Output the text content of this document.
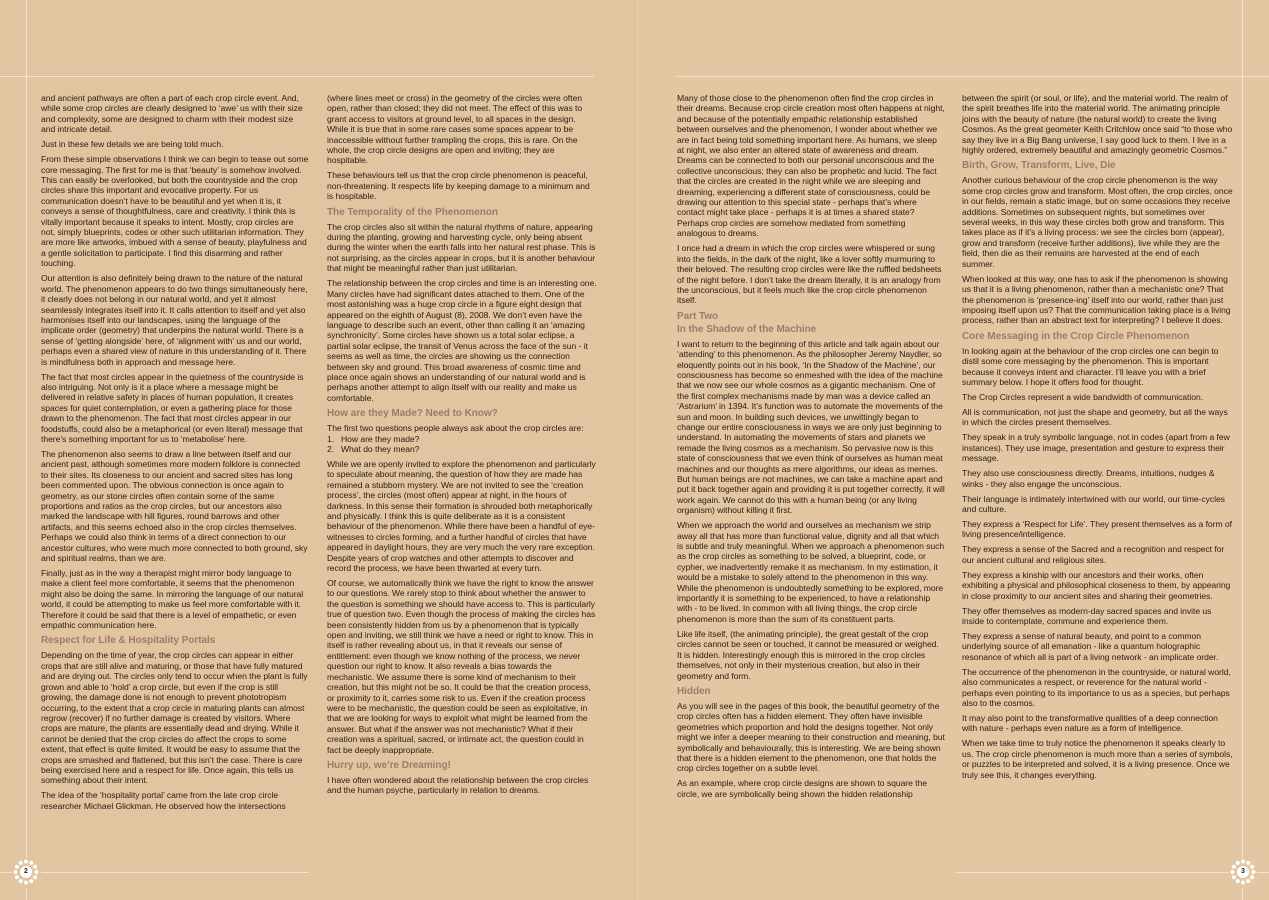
and ancient pathways are often a part of each crop circle event. And, while some crop circles are clearly designed to ‘awe’ us with their size and complexity, some are designed to charm with their modest size and intricate detail.

Just in these few details we are being told much.

From these simple observations I think we can begin to tease out some core messaging. The first for me is that ‘beauty’ is somehow involved. This can easily be overlooked, but both the countryside and the crop circles share this important and evocative property. For us communication doesn’t have to be beautiful and yet when it is, it conveys a sense of thoughtfulness, care and creativity. I think this is vitally important because it speaks to intent. Mostly, crop circles are not, simply blueprints, codes or other such utilitarian information. They are more like artworks, imbued with a sense of beauty, playfulness and a gentle solicitation to participate. I find this disarming and rather touching.

Our attention is also definitely being drawn to the nature of the natural world. The phenomenon appears to do two things simultaneously here, it clearly does not belong in our natural world, and yet it almost seamlessly integrates itself into it. It calls attention to itself and yet also harmonises itself into our landscapes, using the language of the implicate order (geometry) that underpins the natural world. There is a sense of ‘getting alongside’ here, of ‘alignment with’ us and our world, perhaps even a shared view of nature in this understanding of it. There is mindfulness both in approach and message here.

The fact that most circles appear in the quietness of the countryside is also intriguing. Not only is it a place where a message might be delivered in relative safety in places of human population, it creates spaces for quiet contemplation, or even a gathering place for those drawn to the phenomenon. The fact that most circles appear in our foodstuffs, could also be a metaphorical (or even literal) message that there’s something important for us to ‘metabolise’ here.

The phenomenon also seems to draw a line between itself and our ancient past, although sometimes more modern folklore is connected to their sites. Its closeness to our ancient and sacred sites has long been commented upon. The obvious connection is once again to geometry, as our stone circles often contain some of the same proportions and ratios as the crop circles, but our ancestors also marked the landscape with hill figures, round barrows and other artifacts, and this seems echoed also in the crop circles themselves. Perhaps we could also think in terms of a direct connection to our ancestor cultures, who were much more connected to both ground, sky and spiritual realms, than we are.

Finally, just as in the way a therapist might mirror body language to make a client feel more comfortable, it seems that the phenomenon might also be doing the same. In mirroring the language of our natural world, it could be attempting to make us feel more comfortable with it. Therefore it could be said that there is a level of empathetic, or even empathic communication here.

Respect for Life & Hospitality Portals

Depending on the time of year, the crop circles can appear in either crops that are still alive and maturing, or those that have fully matured and are drying out. The circles only tend to occur when the plant is fully grown and able to ‘hold’ a crop circle, but even if the crop is still growing, the damage done is not enough to prevent phototropism occurring, to the extent that a crop circle in maturing plants can almost regrow (recover) if no further damage is created by visitors. Where crops are mature, the plants are essentially dead and drying. While it cannot be denied that the crop circles do affect the crops to some extent, that effect is quite limited. It would be easy to assume that the crops are smashed and flattened, but this isn’t the case. There is care being exercised here and a respect for life. Once again, this tells us something about their intent.

The idea of the ‘hospitality portal’ came from the late crop circle researcher Michael Glickman. He observed how the intersections

(where lines meet or cross) in the geometry of the circles were often open, rather than closed; they did not meet. The effect of this was to grant access to visitors at ground level, to all spaces in the design. While it is true that in some rare cases some spaces appear to be inaccessible without further trampling the crops, this is rare. On the whole, the crop circle designs are open and inviting; they are hospitable.

These behaviours tell us that the crop circle phenomenon is peaceful, non-threatening. It respects life by keeping damage to a minimum and is hospitable.

The Temporality of the Phenomenon

The crop circles also sit within the natural rhythms of nature, appearing during the planting, growing and harvesting cycle, only being absent during the winter when the earth falls into her natural rest phase. This is not surprising, as the circles appear in crops, but it is another behaviour that might be meaningful rather than just utilitarian.

The relationship between the crop circles and time is an interesting one. Many circles have had significant dates attached to them. One of the most astonishing was a huge crop circle in a figure eight design that appeared on the eighth of August (8), 2008. We don’t even have the language to describe such an event, other than calling it an ‘amazing synchronicity’. Some circles have shown us a total solar eclipse, a partial solar eclipse, the transit of Venus across the face of the sun - it seems as well as time, the circles are showing us the connection between sky and ground. This broad awareness of cosmic time and place once again shows an understanding of our natural world and is perhaps another attempt to align itself with our reality and make us comfortable.

How are they Made? Need to Know?

The first two questions people always ask about the crop circles are:

1. How are they made?
2. What do they mean?

While we are openly invited to explore the phenomenon and particularly to speculate about meaning, the question of how they are made has remained a stubborn mystery. We are not invited to see the ‘creation process’, the circles (most often) appear at night, in the hours of darkness. In this sense their formation is shrouded both metaphorically and physically. I think this is quite deliberate as it is a consistent behaviour of the phenomenon. While there have been a handful of eye-witnesses to circles forming, and a further handful of circles that have appeared in daylight hours, they are very much the very rare exception. Despite years of crop watches and other attempts to discover and record the process, we have been thwarted at every turn.

Of course, we automatically think we have the right to know the answer to our questions. We rarely stop to think about whether the answer to the question is something we should have access to. This is particularly true of question two. Even though the process of making the circles has been consistently hidden from us by a phenomenon that is typically open and inviting, we still think we have a need or right to know. This in itself is rather revealing about us, in that it reveals our sense of entitlement: even though we know nothing of the process, we never question our right to know. It also reveals a bias towards the mechanistic. We assume there is some kind of mechanism to their creation, but this might not be so. It could be that the creation process, or proximity to it, carries some risk to us. Even if the creation process were to be mechanistic, the question could be seen as exploitative, in that we are looking for ways to exploit what might be learned from the answer. But what if the answer was not mechanistic? What if their creation was a spiritual, sacred, or intimate act, the question could in fact be deeply inappropriate.

Hurry up, we’re Dreaming!

I have often wondered about the relationship between the crop circles and the human psyche, particularly in relation to dreams.

Many of those close to the phenomenon often find the crop circles in their dreams. Because crop circle creation most often happens at night, and because of the potentially empathic relationship established between ourselves and the phenomenon, I wonder about whether we are in fact being told something important here. As humans, we sleep at night, we also enter an altered state of awareness and dream. Dreams can be connected to both our personal unconscious and the collective unconscious; they can also be prophetic and lucid. The fact that the circles are created in the night while we are sleeping and dreaming, experiencing a different state of consciousness, could be drawing our attention to this special state - perhaps that’s where contact might take place - perhaps it is at times a shared state? Perhaps crop circles are somehow mediated from something analogous to dreams.

I once had a dream in which the crop circles were whispered or sung into the fields, in the dark of the night, like a lover softly murmuring to their beloved. The resulting crop circles were like the ruffled bedsheets of the night before. I don’t take the dream literally, it is an analogy from the unconscious, but it feels much like the crop circle phenomenon itself.

Part Two
In the Shadow of the Machine

I want to return to the beginning of this article and talk again about our ‘attending’ to this phenomenon. As the philosopher Jeremy Naydler, so eloquently points out in his book, ‘In the Shadow of the Machine’, our consciousness has become so enmeshed with the idea of the machine that we now see our whole cosmos as a gigantic mechanism. One of the first complex mechanisms made by man was a device called an ‘Astrarium’ in 1394. It’s function was to automate the movements of the sun and moon. In building such devices, we unwittingly began to change our entire consciousness in ways we are only just beginning to understand. In automating the movements of stars and planets we remade the living cosmos as a mechanism. So pervasive now is this state of consciousness that we even think of ourselves as human meat machines and our thoughts as mere algorithms, our ideas as memes. But human beings are not machines, we can take a machine apart and put it back together again and providing it is put together correctly, it will work again. We cannot do this with a human being (or any living organism) without killing it first.

When we approach the world and ourselves as mechanism we strip away all that has more than functional value, dignity and all that which is subtle and truly meaningful. When we approach a phenomenon such as the crop circles as something to be solved, a blueprint, code, or cypher, we inadvertently remake it as mechanism. In my estimation, it would be a mistake to solely attend to the phenomenon in this way. While the phenomenon is undoubtedly something to be explored, more importantly it is something to be experienced, to have a relationship with - to be lived. In common with all living things, the crop circle phenomenon is more than the sum of its constituent parts.

Like life itself, (the animating principle), the great gestalt of the crop circles cannot be seen or touched, it cannot be measured or weighed. It is hidden. Interestingly enough this is mirrored in the crop circles themselves, not only in their mysterious creation, but also in their geometry and form.

Hidden

As you will see in the pages of this book, the beautiful geometry of the crop circles often has a hidden element. They often have invisible geometries which proportion and hold the designs together. Not only might we infer a deeper meaning to their construction and meaning, but symbolically and behaviourally, this is interesting. We are being shown that there is a hidden element to the phenomenon, one that holds the crop circles together on a subtle level.

As an example, where crop circle designs are shown to square the circle, we are symbolically being shown the hidden relationship

between the spirit (or soul, or life), and the material world. The realm of the spirit breathes life into the material world. The animating principle joins with the beauty of nature (the natural world) to create the living Cosmos. As the great geometer Keith Critchlow once said “to those who say they live in a Big Bang universe, I say good luck to them. I live in a highly ordered, extremely beautiful and amazingly geometric Cosmos.”

Birth, Grow, Transform, Live, Die

Another curious behaviour of the crop circle phenomenon is the way some crop circles grow and transform. Most often, the crop circles, once in our fields, remain a static image, but on some occasions they receive additions. Sometimes on subsequent nights, but sometimes over several weeks, in this way these circles both grow and transform. This takes place as if it’s a living process: we see the circles born (appear), grow and transform (receive further additions), live while they are the field, then die as their remains are harvested at the end of each summer.

When looked at this way, one has to ask if the phenomenon is showing us that it is a living phenomenon, rather than a mechanistic one? That the phenomenon is ‘presence-ing’ itself into our world, rather than just imposing itself upon us? That the communication taking place is a living process, rather than an abstract text for interpreting? I believe it does.

Core Messaging in the Crop Circle Phenomenon

In looking again at the behaviour of the crop circles one can begin to distil some core messaging by the phenomenon. This is important because it conveys intent and character. I’ll leave you with a brief summary below. I hope it offers food for thought.

The Crop Circles represent a wide bandwidth of communication.

All is communication, not just the shape and geometry, but all the ways in which the circles present themselves.

They speak in a truly symbolic language, not in codes (apart from a few instances). They use image, presentation and gesture to express their message.

They also use consciousness directly. Dreams, intuitions, nudges & winks - they also engage the unconscious.

Their language is intimately intertwined with our world, our time-cycles and culture.

They express a ‘Respect for Life’. They present themselves as a form of living presence/intelligence.

They express a sense of the Sacred and a recognition and respect for our ancient cultural and religious sites.

They express a kinship with our ancestors and their works, often exhibiting a physical and philosophical closeness to them, by appearing in close proximity to our ancient sites and sharing their geometries.

They offer themselves as modern-day sacred spaces and invite us inside to contemplate, commune and experience them.

They express a sense of natural beauty, and point to a common underlying source of all emanation - like a quantum holographic resonance of which all is part of a living network - an implicate order.

The occurrence of the phenomenon in the countryside, or natural world, also communicates a respect, or reverence for the natural world - perhaps even pointing to its importance to us as a species, but perhaps also to the cosmos.

It may also point to the transformative qualities of a deep connection with nature - perhaps even nature as a form of intelligence.

When we take time to truly notice the phenomenon it speaks clearly to us. The crop circle phenomenon is much more than a series of symbols, or puzzles to be interpreted and solved, it is a living presence. Once we truly see this, it changes everything.

2	3
